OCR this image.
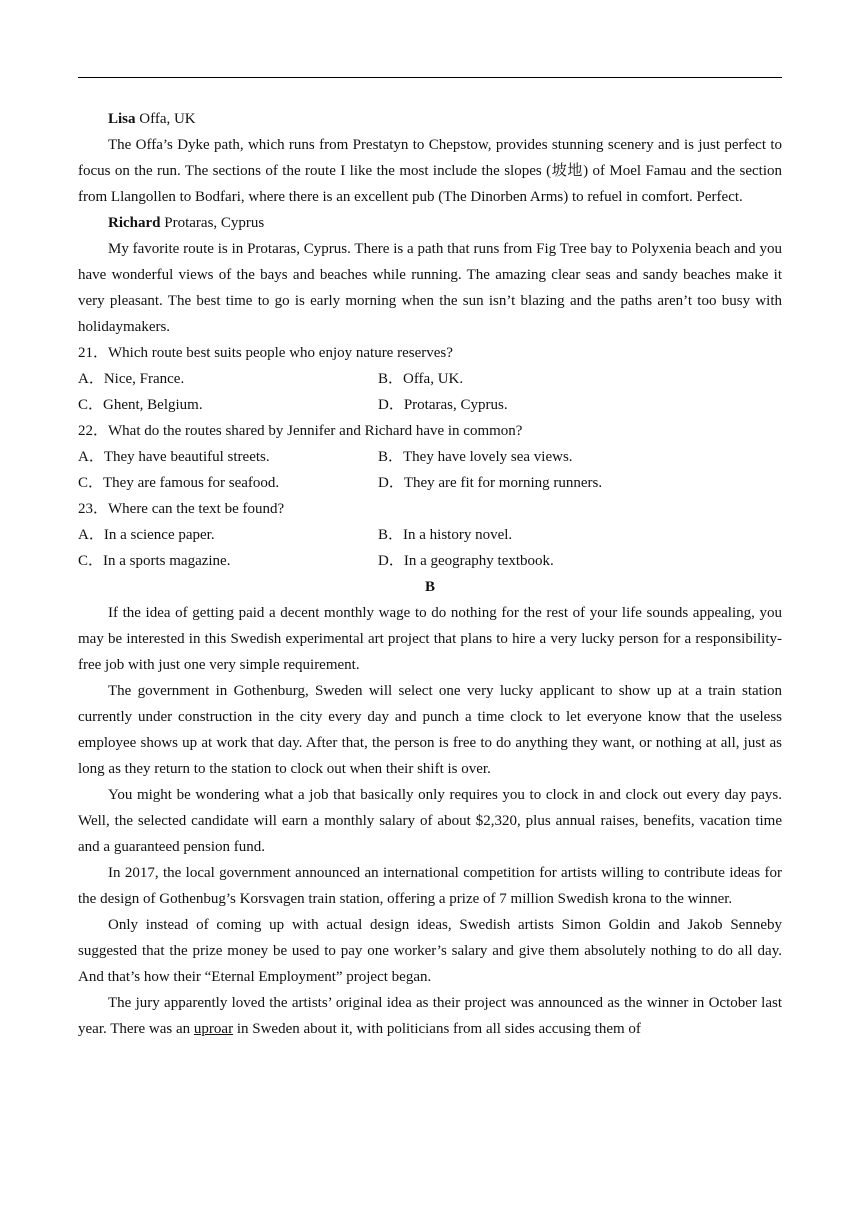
Lisa Offa, UK

The Offa’s Dyke path, which runs from Prestatyn to Chepstow, provides stunning scenery and is just perfect to focus on the run. The sections of the route I like the most include the slopes (坡地) of Moel Famau and the section from Llangollen to Bodfari, where there is an excellent pub (The Dinorben Arms) to refuel in comfort. Perfect.

Richard Protaras, Cyprus

My favorite route is in Protaras, Cyprus. There is a path that runs from Fig Tree bay to Polyxenia beach and you have wonderful views of the bays and beaches while running. The amazing clear seas and sandy beaches make it very pleasant. The best time to go is early morning when the sun isn’t blazing and the paths aren’t too busy with holidaymakers.

21．Which route best suits people who enjoy nature reserves?

A．Nice, France.	B．Offa, UK.
C．Ghent, Belgium.	D．Protaras, Cyprus.

22．What do the routes shared by Jennifer and Richard have in common?

A．They have beautiful streets.	B．They have lovely sea views.
C．They are famous for seafood.	D．They are fit for morning runners.

23．Where can the text be found?

A．In a science paper.	B．In a history novel.
C．In a sports magazine.	D．In a geography textbook.

B

If the idea of getting paid a decent monthly wage to do nothing for the rest of your life sounds appealing, you may be interested in this Swedish experimental art project that plans to hire a very lucky person for a responsibility-free job with just one very simple requirement.

The government in Gothenburg, Sweden will select one very lucky applicant to show up at a train station currently under construction in the city every day and punch a time clock to let everyone know that the useless employee shows up at work that day. After that, the person is free to do anything they want, or nothing at all, just as long as they return to the station to clock out when their shift is over.

You might be wondering what a job that basically only requires you to clock in and clock out every day pays. Well, the selected candidate will earn a monthly salary of about $2,320, plus annual raises, benefits, vacation time and a guaranteed pension fund.

In 2017, the local government announced an international competition for artists willing to contribute ideas for the design of Gothenbug’s Korsvagen train station, offering a prize of 7 million Swedish krona to the winner.

Only instead of coming up with actual design ideas, Swedish artists Simon Goldin and Jakob Senneby suggested that the prize money be used to pay one worker’s salary and give them absolutely nothing to do all day. And that’s how their “Eternal Employment” project began.

The jury apparently loved the artists’ original idea as their project was announced as the winner in October last year. There was an uproar in Sweden about it, with politicians from all sides accusing them of
